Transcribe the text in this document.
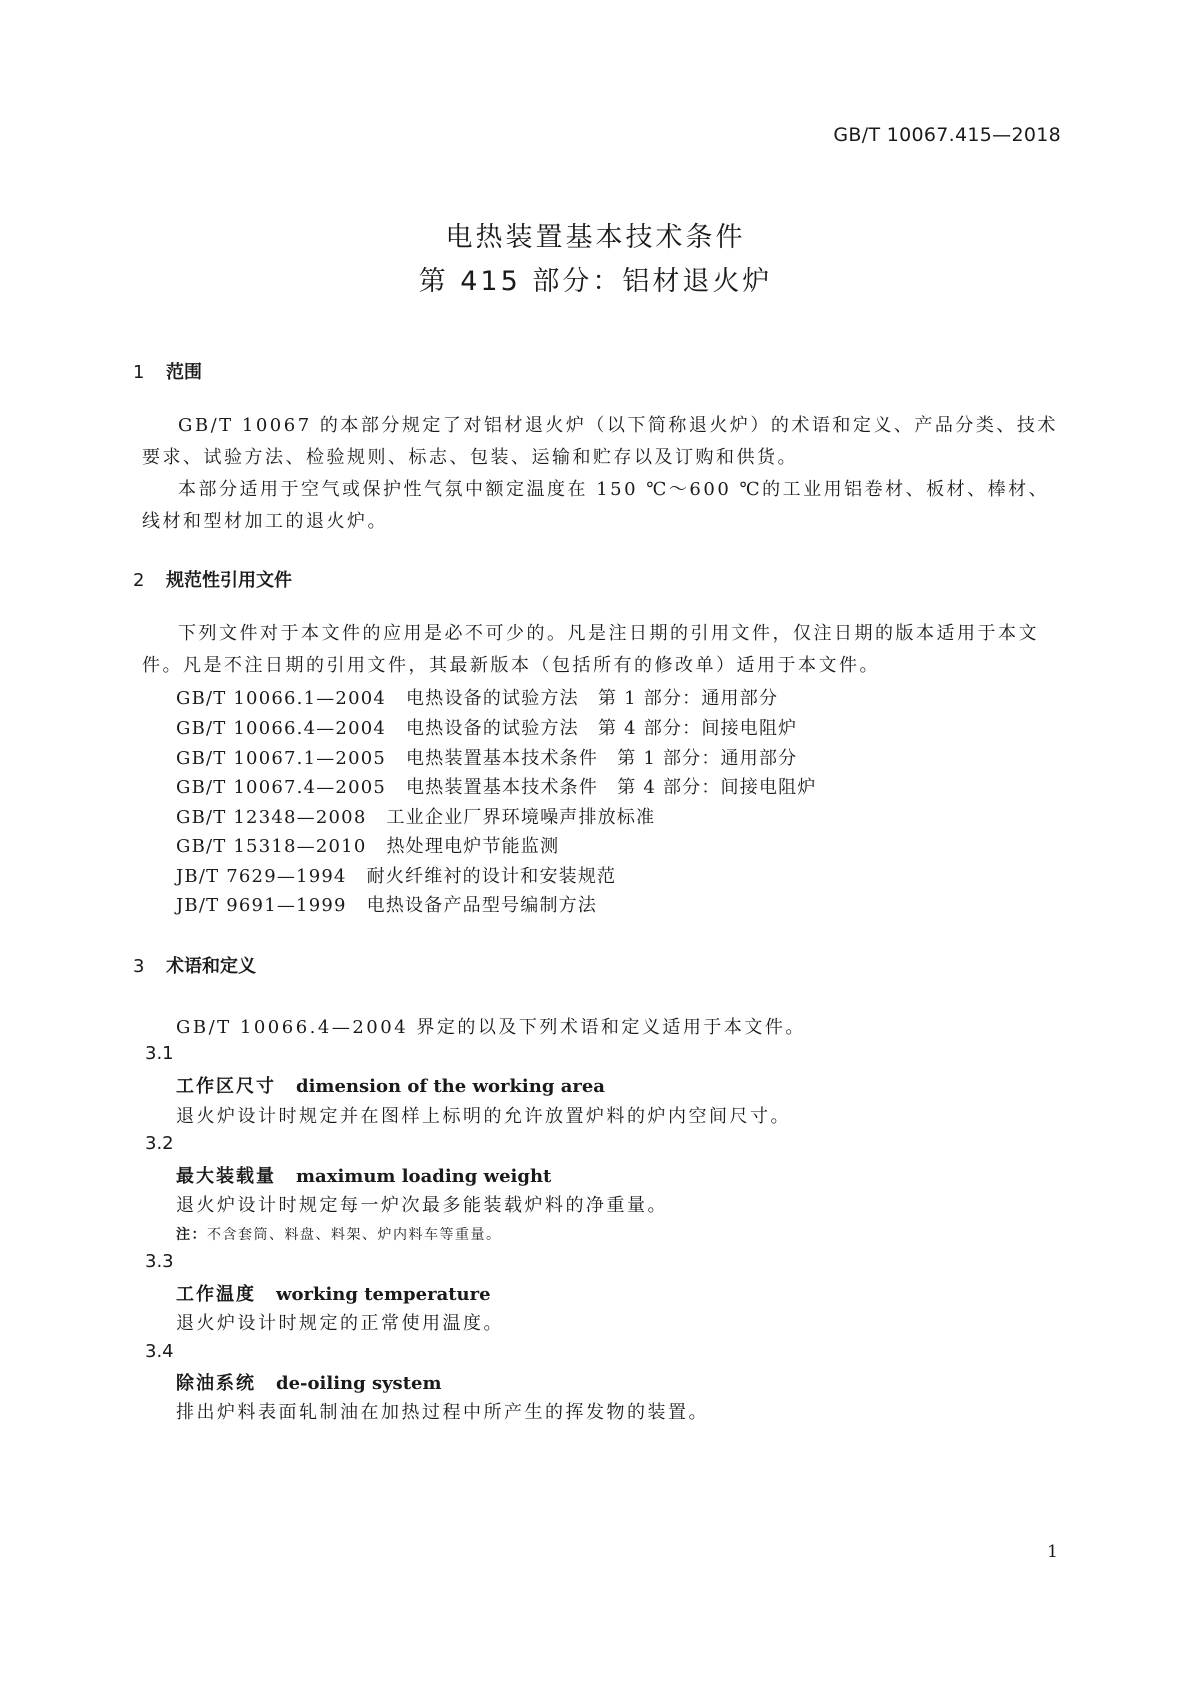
GB/T 10067.415—2018
电热装置基本技术条件
第 415 部分：铝材退火炉
1 范围
GB/T 10067 的本部分规定了对铝材退火炉（以下简称退火炉）的术语和定义、产品分类、技术要求、试验方法、检验规则、标志、包装、运输和贮存以及订购和供货。
本部分适用于空气或保护性气氛中额定温度在 150 ℃～600 ℃的工业用铝卷材、板材、棒材、线材和型材加工的退火炉。
2 规范性引用文件
下列文件对于本文件的应用是必不可少的。凡是注日期的引用文件，仅注日期的版本适用于本文件。凡是不注日期的引用文件，其最新版本（包括所有的修改单）适用于本文件。
GB/T 10066.1—2004 电热设备的试验方法　第 1 部分：通用部分
GB/T 10066.4—2004 电热设备的试验方法　第 4 部分：间接电阻炉
GB/T 10067.1—2005 电热装置基本技术条件　第 1 部分：通用部分
GB/T 10067.4—2005 电热装置基本技术条件　第 4 部分：间接电阻炉
GB/T 12348—2008 工业企业厂界环境噪声排放标准
GB/T 15318—2010 热处理电炉节能监测
JB/T 7629—1994 耐火纤维衬的设计和安装规范
JB/T 9691—1999 电热设备产品型号编制方法
3 术语和定义
GB/T 10066.4—2004 界定的以及下列术语和定义适用于本文件。
3.1
工作区尺寸 dimension of the working area
退火炉设计时规定并在图样上标明的允许放置炉料的炉内空间尺寸。
3.2
最大装载量 maximum loading weight
退火炉设计时规定每一炉次最多能装载炉料的净重量。
注：不含套筒、料盘、料架、炉内料车等重量。
3.3
工作温度 working temperature
退火炉设计时规定的正常使用温度。
3.4
除油系统 de-oiling system
排出炉料表面轧制油在加热过程中所产生的挥发物的装置。
1
